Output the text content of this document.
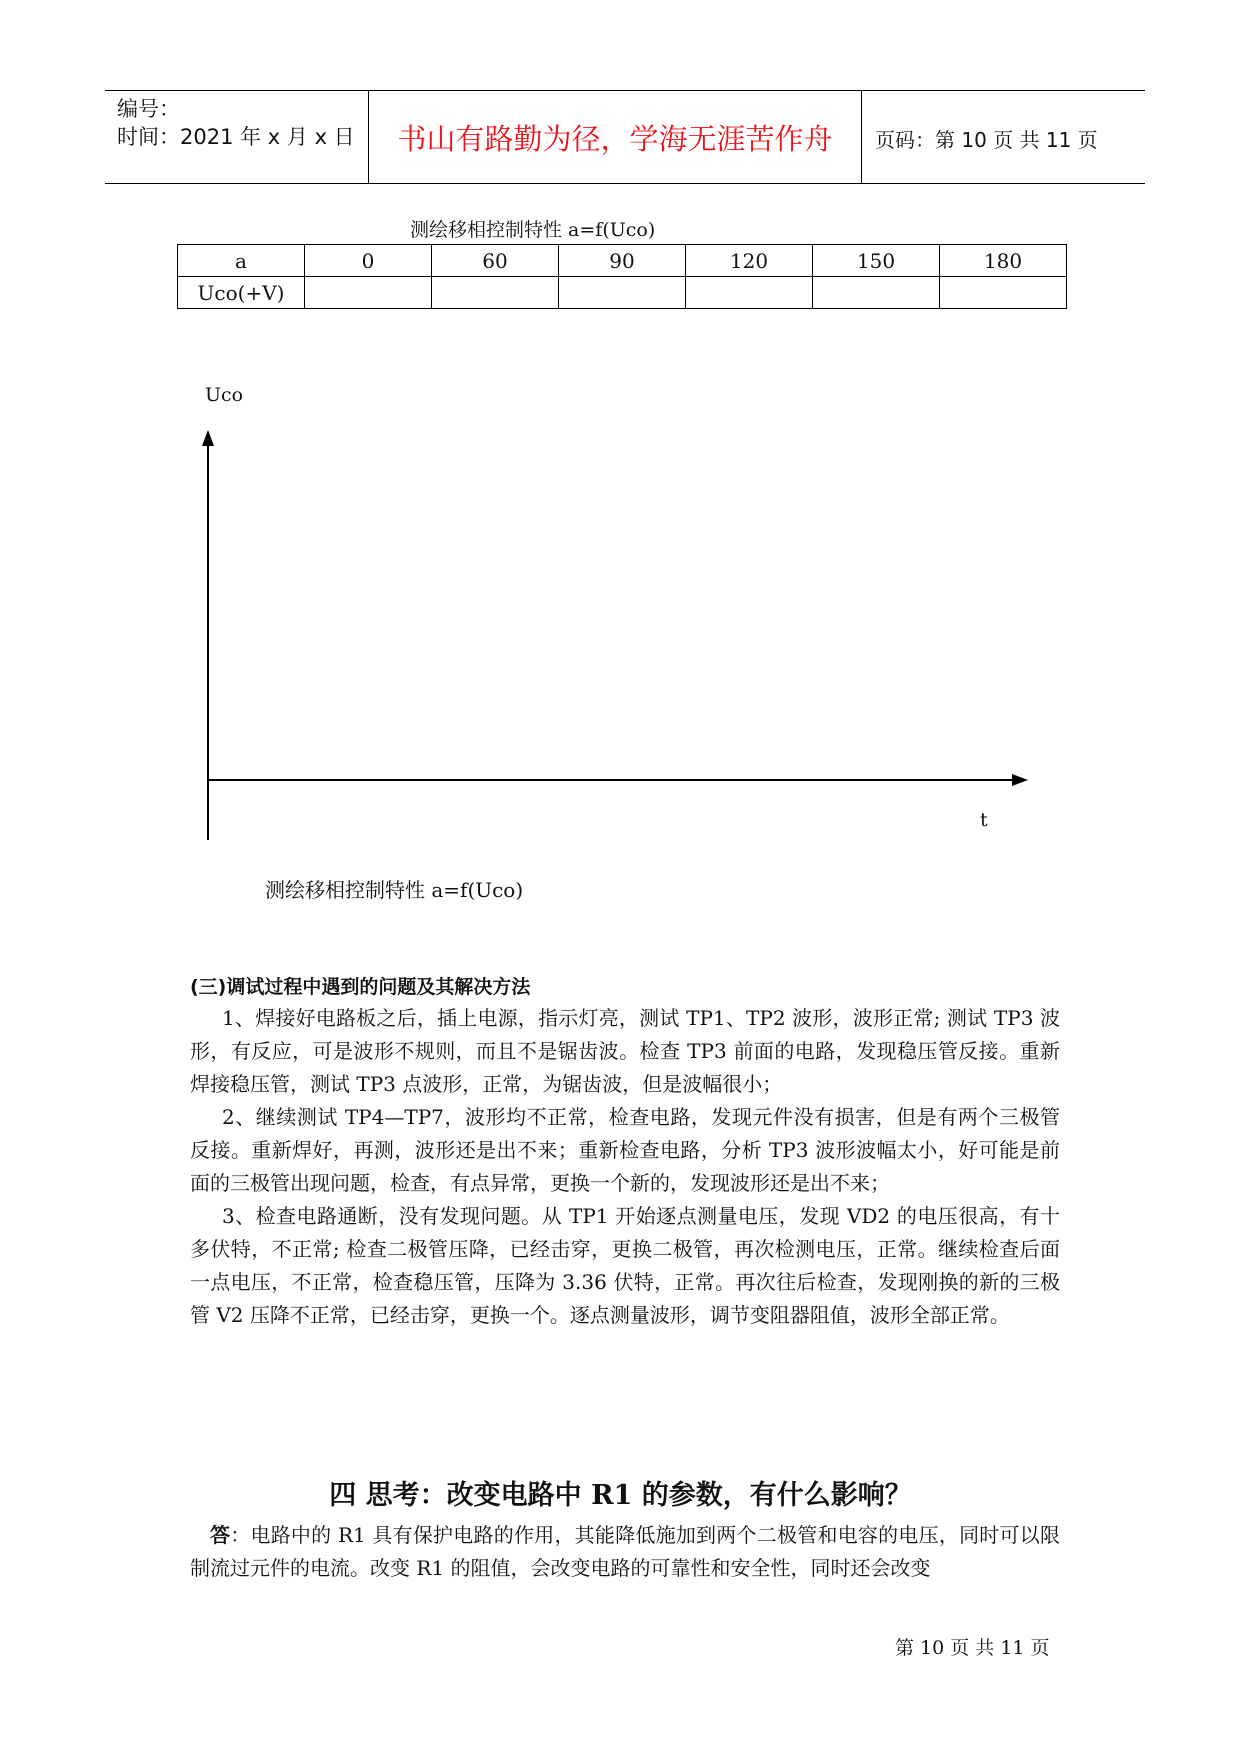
编号：
时间：2021 年 x 月 x 日	书山有路勤为径，学海无涯苦作舟	页码：第 10 页 共 11 页
测绘移相控制特性 a=f(Uco)
a	0	60	90	120	150	180
Uco(+V)						
Uco
t
测绘移相控制特性 a=f(Uco)
(三)调试过程中遇到的问题及其解决方法
1、焊接好电路板之后，插上电源，指示灯亮，测试 TP1、TP2 波形，波形正常; 测试 TP3 波形，有反应，可是波形不规则，而且不是锯齿波。检查 TP3 前面的电路，发现稳压管反接。重新焊接稳压管，测试 TP3 点波形，正常，为锯齿波，但是波幅很小；
2、继续测试 TP4—TP7，波形均不正常，检查电路，发现元件没有损害，但是有两个三极管反接。重新焊好，再测，波形还是出不来；重新检查电路，分析 TP3 波形波幅太小，好可能是前面的三极管出现问题，检查，有点异常，更换一个新的，发现波形还是出不来；
3、检查电路通断，没有发现问题。从 TP1 开始逐点测量电压，发现 VD2 的电压很高，有十多伏特，不正常; 检查二极管压降，已经击穿，更换二极管，再次检测电压，正常。继续检查后面一点电压，不正常，检查稳压管，压降为 3.36 伏特，正常。再次往后检查，发现刚换的新的三极管 V2 压降不正常，已经击穿，更换一个。逐点测量波形，调节变阻器阻值，波形全部正常。
四 思考：改变电路中 R1 的参数，有什么影响？
答：电路中的 R1 具有保护电路的作用，其能降低施加到两个二极管和电容的电压，同时可以限制流过元件的电流。改变 R1 的阻值，会改变电路的可靠性和安全性，同时还会改变
第 10 页 共 11 页
